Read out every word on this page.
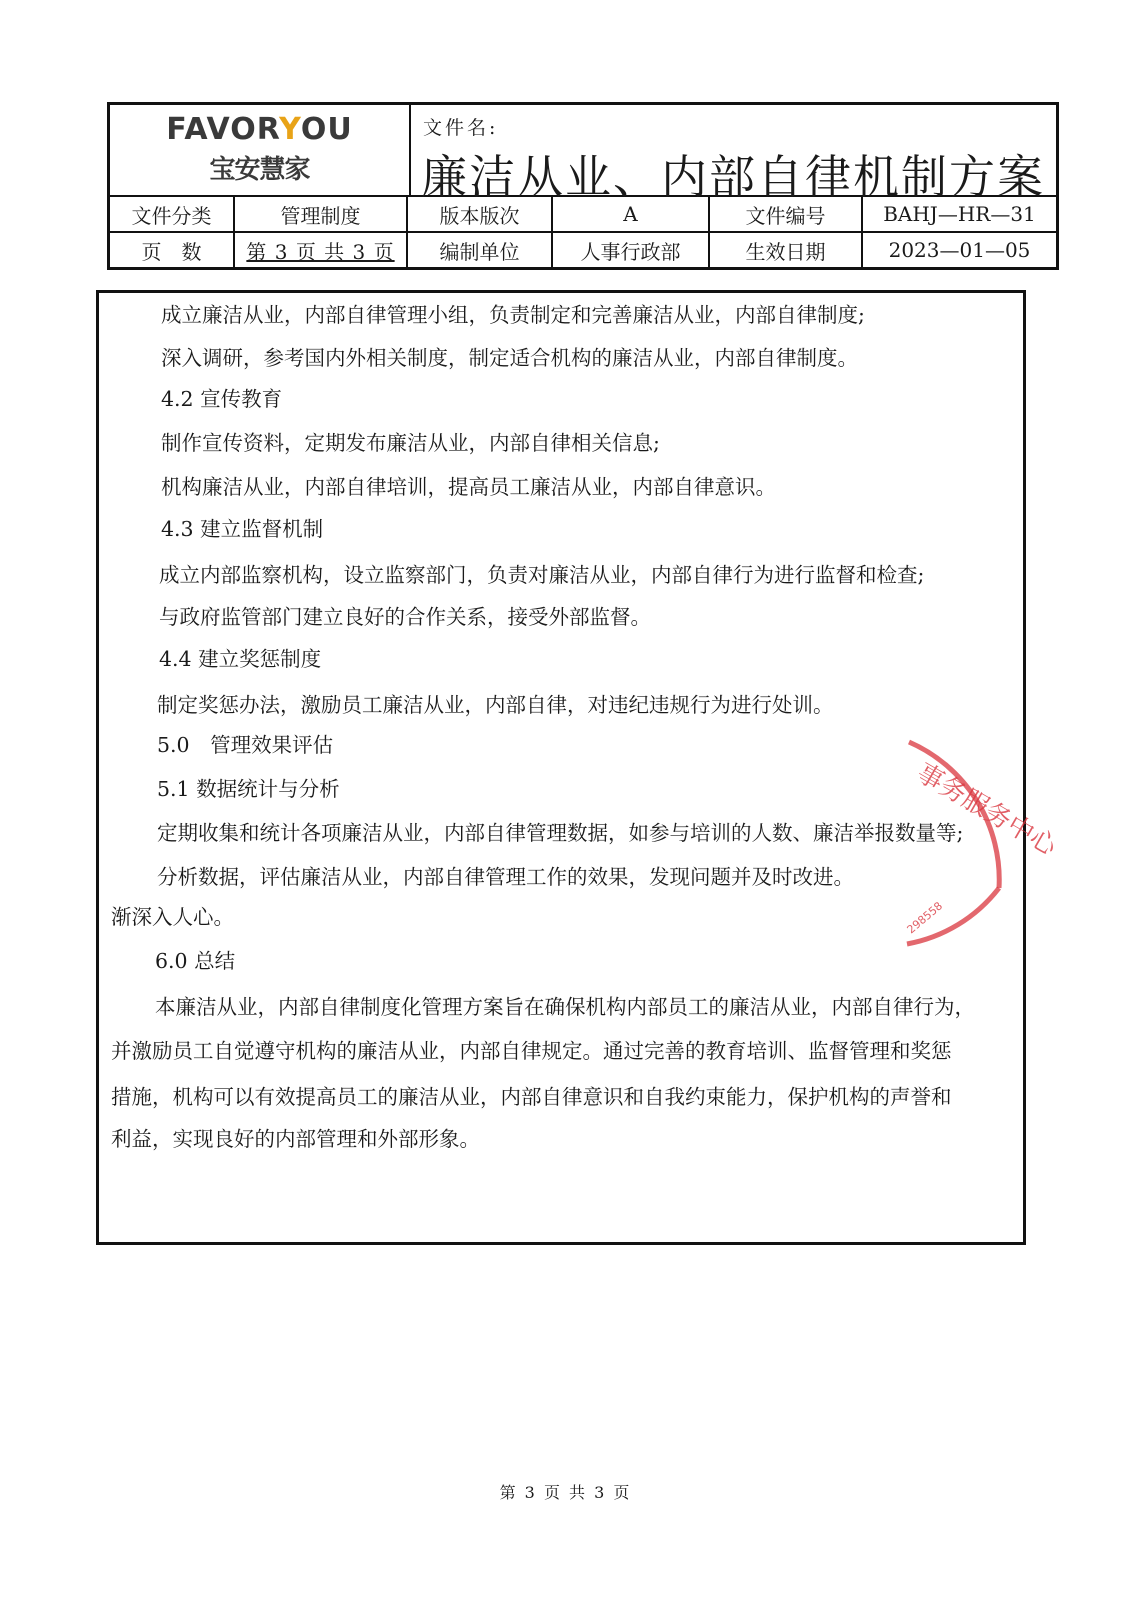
FAVORYOU
宝安慧家
文件名:
廉洁从业、内部自律机制方案
文件分类	管理制度	版本版次	A	文件编号	BAHJ—HR—31
页　数	第 3 页 共 3 页	编制单位	人事行政部	生效日期	2023—01—05
成立廉洁从业，内部自律管理小组，负责制定和完善廉洁从业，内部自律制度;
深入调研，参考国内外相关制度，制定适合机构的廉洁从业，内部自律制度。
4.2 宣传教育
制作宣传资料，定期发布廉洁从业，内部自律相关信息;
机构廉洁从业，内部自律培训，提高员工廉洁从业，内部自律意识。
4.3 建立监督机制
成立内部监察机构，设立监察部门，负责对廉洁从业，内部自律行为进行监督和检查;
与政府监管部门建立良好的合作关系，接受外部监督。
4.4 建立奖惩制度
制定奖惩办法，激励员工廉洁从业，内部自律，对违纪违规行为进行处训。
5.0　管理效果评估
5.1 数据统计与分析
定期收集和统计各项廉洁从业，内部自律管理数据，如参与培训的人数、廉洁举报数量等;
分析数据，评估廉洁从业，内部自律管理工作的效果，发现问题并及时改进。
渐深入人心。
6.0 总结
本廉洁从业，内部自律制度化管理方案旨在确保机构内部员工的廉洁从业，内部自律行为，
并激励员工自觉遵守机构的廉洁从业，内部自律规定。通过完善的教育培训、监督管理和奖惩
措施，机构可以有效提高员工的廉洁从业，内部自律意识和自我约束能力，保护机构的声誉和
利益，实现良好的内部管理和外部形象。
事务服务中心
298558
第 3 页 共 3 页
